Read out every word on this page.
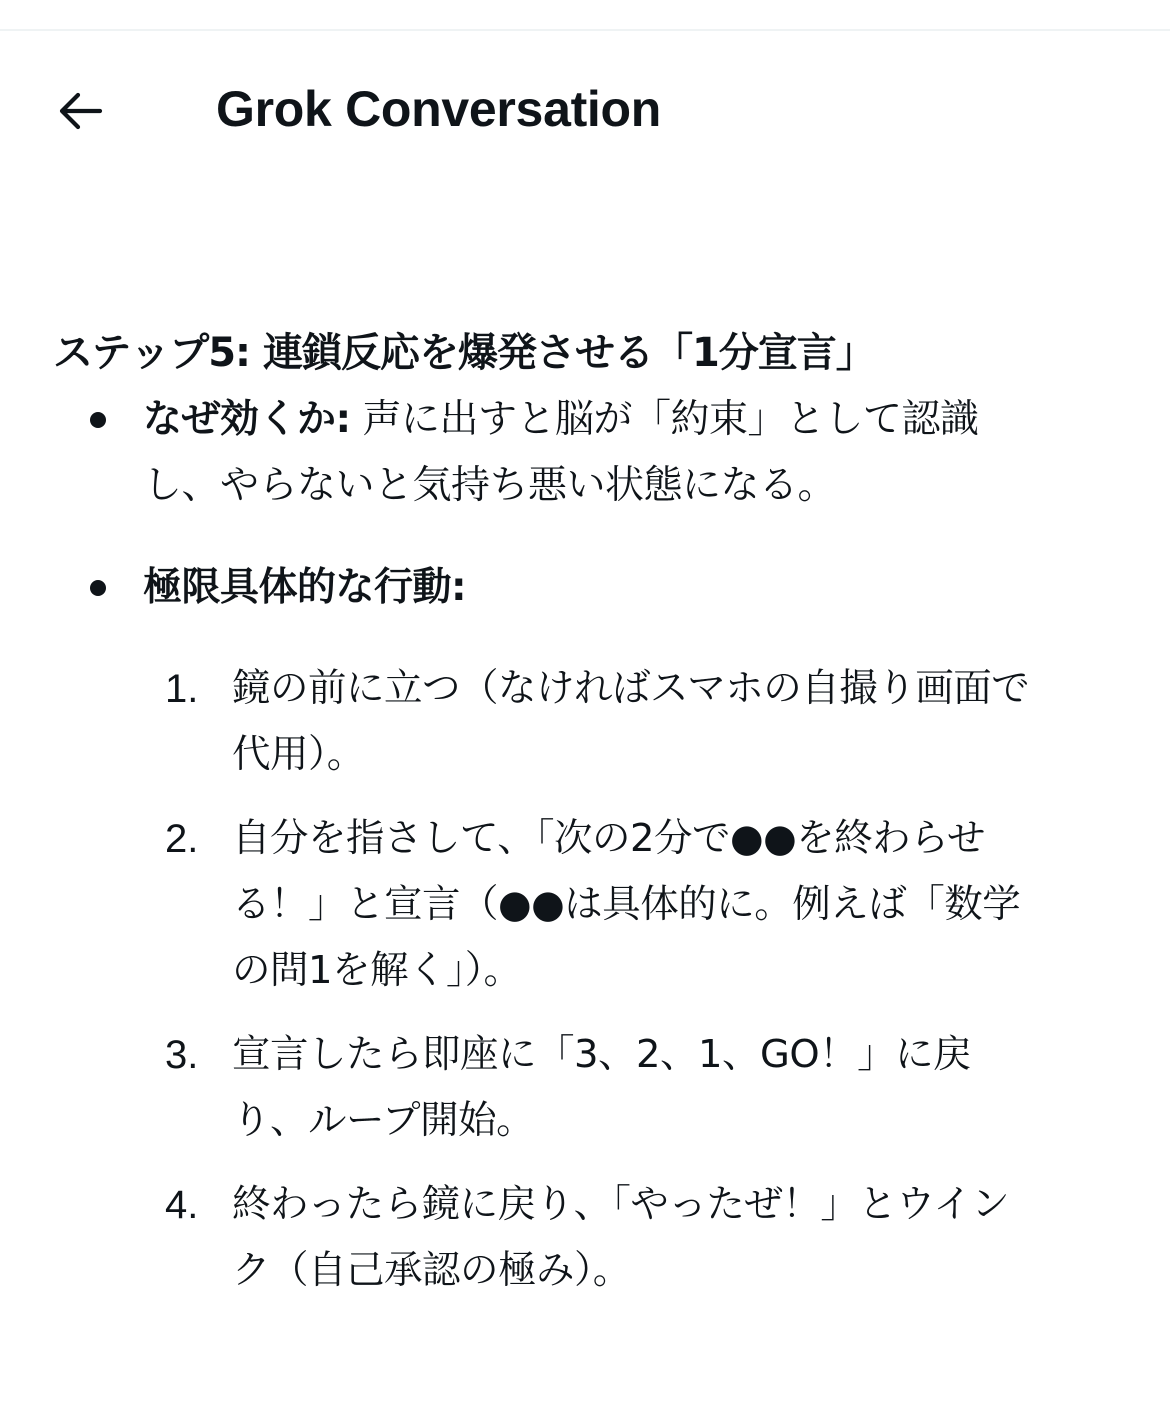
Grok Conversation
ステップ5: 連鎖反応を爆発させる「1分宣言」
なぜ効くか: 声に出すと脳が「約束」として認識
し、やらないと気持ち悪い状態になる。
極限具体的な行動:
1. 鏡の前に立つ（なければスマホの自撮り画面で
代用）。
2. 自分を指さして、「次の2分で●●を終わらせ
る！」と宣言（●●は具体的に。例えば「数学
の問1を解く」）。
3. 宣言したら即座に「3、2、1、GO！」に戻
り、ループ開始。
4. 終わったら鏡に戻り、「やったぜ！」とウイン
ク（自己承認の極み）。
